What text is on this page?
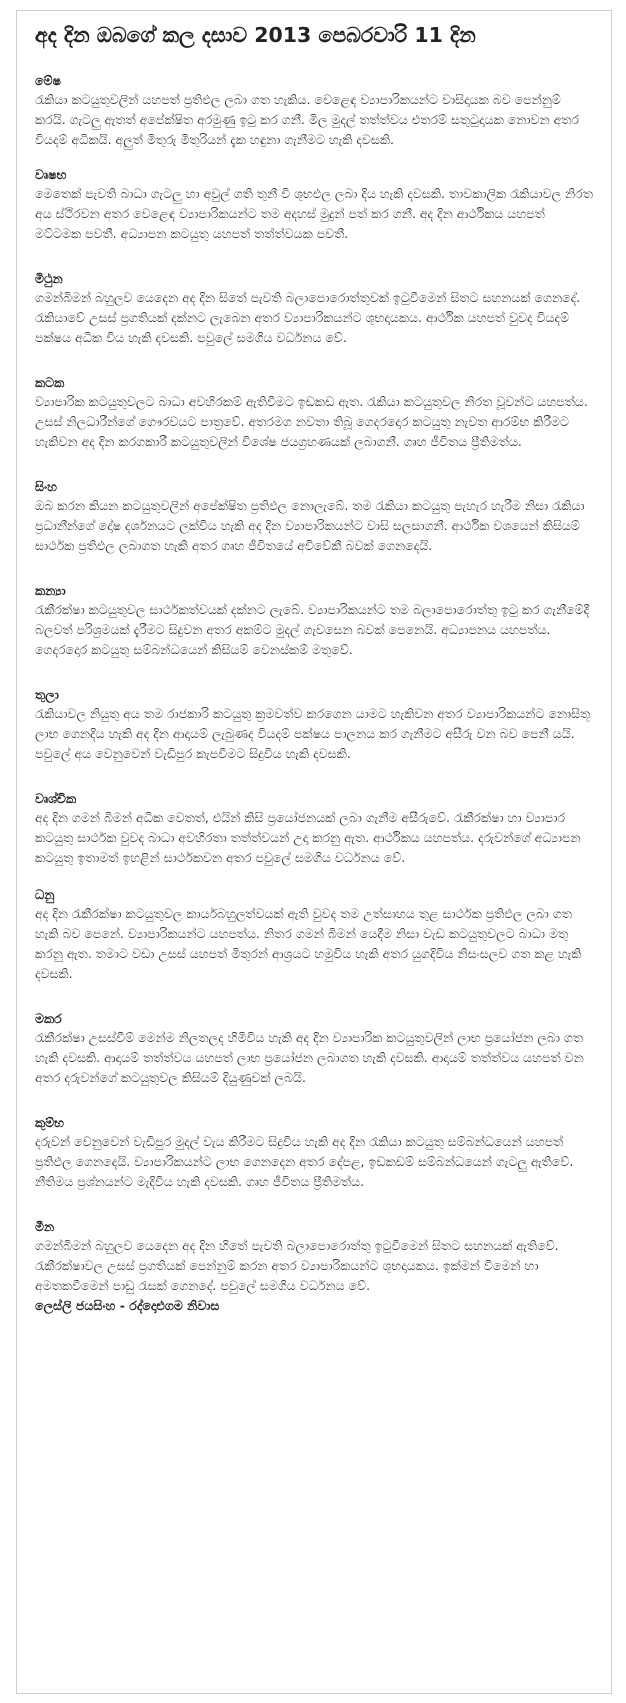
අද දින ඔබගේ කල දසාව 2013 පෙබරවාරි 11 දින
මේෂ

රැකියා කටයුතුවලින් යහපත් ප්‍රතිඵල ලබා ගත හැකිය. වෙළෙඳ ව්‍යාපාරිකයන්ට වාසිදායක බව පෙන්නුම් කරයි. ගැටලු ඇතත් අපේක්ෂිත අරමුණු ඉටු කර ගනී. මිල මුදල් තත්ත්වය එතරම් සතුටුදායක නොවන අතර වියදම් අධිකයි. අලුත් මිතුරු මිතුරියන් දැක හඳුනා ගැනීමට හැකි දවසකි.

වෘෂභ

මෙතෙක් පැවති බාධා ගැටලු හා අවුල් ගති තුනී වී ශුභඵල ලබා දිය හැකි දවසකි. තාවකාලික රැකියාවල නිරත අය ස්ථිරවන අතර වෙළෙඳ ව්‍යාපාරිකයන්ට තම අදහස් මුදුන් පත් කර ගනී. අද දින ආර්ථිකය යහපත් මට්ටමක පවතී. අධ්‍යාපන කටයුතු යහපත් තත්ත්වයක පවතී.

මිථුන

ගමන්බිමන් බහුලව යෙදෙන අද දින සිතේ පැවති බලාපොරොත්තුවක් ඉටුවීමෙන් සිතට සහනයක් ගෙනදේ. රැකියාවේ උසස් ප්‍රගතියක් දක්නට ලැබෙන අතර ව්‍යාපාරිකයන්ට ශුභදායකය. ආර්ථික යහපත් වුවද වියදම් පක්ෂය අධික විය හැකි දවසකි. පවුලේ සමගිය වර්ධනය වේ.

කටක

ව්‍යාපාරික කටයුතුවලට බාධා අවහිරකම් ඇතිවීමට ඉඩකඩ ඇත. රැකියා කටයුතුවල නිරත වූවන්ට යහපත්ය. උසස් නිලධාරීන්ගේ ගෞරවයට පාත්‍රවේ. අතරමග නවතා තිබූ ගෙදරදොර කටයුතු නැවත ආරම්භ කිරීමට හැකිවන අද දින කරගකාරී කටයුතුවලින් විශේෂ ජයග්‍රහණයක් ලබාගනී. ගෘහ ජීවිතය ප්‍රීතිමත්ය.

සිංහ

ඔබ කරන කියන කටයුතුවලින් අපේක්ෂිත ප්‍රතිඵල නොලැබේ. තම රැකියා කටයුතු පැහැර හැරීම නිසා රැකියා ප්‍රධානීන්ගේ දෝෂ දර්ශනයට ලක්විය හැකි අද දින ව්‍යාපාරිකයන්ට වාසි සලසාගනී. ආර්ථික වශයෙන් කිසියම් සාර්ථක ප්‍රතිඵල ලබාගත හැකි අතර ගෘහ ජීවිතයේ අවිවේකී බවක් ගෙනදෙයි.

කන්‍යා

රැකීරක්ෂා කටයුතුවල සාර්ථකත්වයක් දක්නට ලැබේ. ව්‍යාපාරිකයන්ට තම බලාපොරොත්තු ඉටු කර ගැනීමේදී බලවත් පරිශ්‍රමයක් දැරීමට සිදුවන අතර අකම්ට මුදල් ගැවසෙන බවක් පෙනෙයි. අධ්‍යාපනය යහපත්ය. ගෙදරදොර කටයුතු සම්බන්ධයෙන් කිසියම් වෙනස්කම් මතුවේ.

තුලා

රැකියාවල නියුතු අය තම රාජකාරි කටයුතු ක්‍රමවත්ව කරගෙන යාමට හැකිවන අතර ව්‍යාපාරිකයන්ට නොසිතූ ලාභ ගෙනදිය හැකි අද දින ආදායම් ලැබුණද වියදම් පක්ෂය පාලනය කර ගැනීමට අසීරු වන බව පෙනී යයි. පවුලේ අය වෙනුවෙන් වැඩිපුර කැපවීමට සිදුවිය හැකි දවසකි.

වෘශ්චික

අද දින ගමන් බිමන් අධික වෙතත්, එයින් කිසි ප්‍රයෝජනයක් ලබා ගැනීම අසීරුවේ. රැකීරක්ෂා හා ව්‍යාපාර කටයුතු සාර්ථක වුවද බාධා අවහිරතා තත්ත්වයන් උදා කරනු ඇත. ආර්ථිකය යහපත්ය. දරුවන්ගේ අධ්‍යාපන කටයුතු ඉතාමත් ඉහළින් සාර්ථකවන අතර පවුලේ සමගිය වර්ධනය වේ.

ධනු

අද දින රැකීරක්ෂා කටයුතුවල කාර්යබහුලත්වයක් ඇති වුවද තම උත්සාහය තුළ සාර්ථක ප්‍රතිඵල ලබා ගත හැකි බව පෙනේ. ව්‍යාපාරිකයන්ට යහපත්ය. නිතර ගමන් බිමන් යෙදීම නිසා වැඩ කටයුතුවලට බාධා මතු කරනු ඇත. තමාට වඩා උසස් යහපත් මිතුරන් ආශ්‍රයට හමුවිය හැකි අතර යුගදිවිය නිසංසලව ගත කළ හැකි දවසකි.

මකර

රැකීරක්ෂා උසස්වීම් මෙන්ම නිලතලද හිමිවිය හැකි අද දින ව්‍යාපාරික කටයුතුවලින් ලාභ ප්‍රයෝජන ලබා ගත හැකි දවසකි. ආදායම් තත්ත්වය යහපත් ලාභ ප්‍රයෝජන ලබාගත හැකි දවසකි. ආදායම් තත්ත්වය යහපත් වන අතර දරුවන්ගේ කටයුතුවල කිසියම් දියුණුවක් ලබයි.

කුම්භ

දරුවන් වෙනුවෙන් වැඩිපුර මුදල් වැය කිරීමට සිදුවිය හැකි අද දින රැකියා කටයුතු සම්බන්ධයෙන් යහපත් ප්‍රතිඵල ගෙනදෙයි. ව්‍යාපාරිකයන්ට ලාභ ගෙනදෙන අතර දේපළ, ඉඩකඩම් සම්බන්ධයෙන් ගැටලු ඇතිවේ. නීතිමය ප්‍රශ්නයන්ට මැදිවිය හැකි දවසකි. ගෘහ ජීවිතය ප්‍රීතිමත්ය.

මීන

ගමන්බිමන් බහුලව යෙදෙන අද දින හිතේ පැවති බලාපොරොත්තු ඉටුවීමෙන් සිතට සහනයක් ඇතිවේ. රැකීරක්ෂාවල උසස් ප්‍රගතියක් පෙන්නුම් කරන අතර ව්‍යාපාරිකයන්ට ශුභදායකය. ඉක්මන් වීමෙන් හා අමතකවීමෙන් පාඩු රැසක් ගෙනදේ. පවුලේ සමගිය වර්ධනය වේ.

ලෙස්ලි ජයසිංහ - රද්දොළුගම නිවාස
